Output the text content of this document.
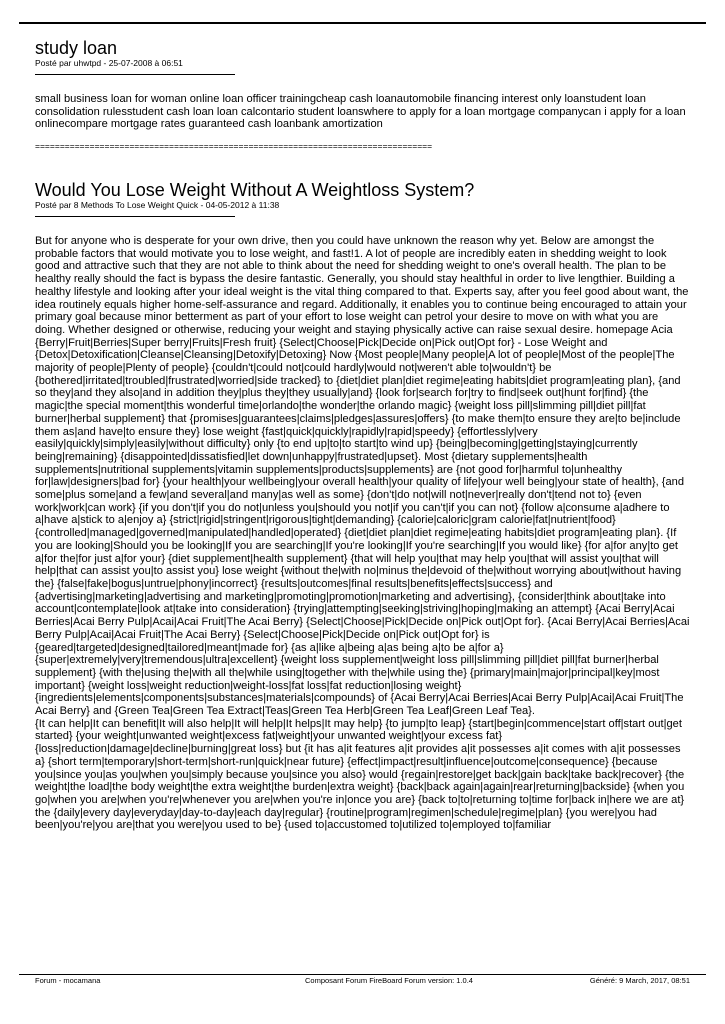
study loan
Posté par uhwtpd - 25-07-2008 à 06:51

small business loan for woman online loan officer trainingcheap cash loanautomobile financing interest only loanstudent loan consolidation rulesstudent cash loan loan calcontario student loanswhere to apply for a loan mortgage companycan i apply for a loan onlinecompare mortgage rates guaranteed cash loanbank amortization

================================================================================
Would You Lose Weight Without A Weightloss System?
Posté par 8 Methods To Lose Weight Quick - 04-05-2012 à 11:38

But for anyone who is desperate for your own drive, then you could have unknown the reason why yet. Below are amongst the probable factors that would motivate you to lose weight, and fast!1. A lot of people are incredibly eaten in shedding weight to look good and attractive such that they are not able to think about the need for shedding weight to one's overall health. The plan to be healthy really should the fact is bypass the desire fantastic. Generally, you should stay healthful in order to live lengthier. Building a healthy lifestyle and looking after your ideal weight is the vital thing compared to that. Experts say, after you feel good about want, the idea routinely equals higher home-self-assurance and regard. Additionally, it enables you to continue being encouraged to attain your primary goal because minor betterment as part of your effort to lose weight can petrol your desire to move on with what you are doing. Whether designed or otherwise, reducing your weight and staying physically active can raise sexual desire. homepage Acia {Berry|Fruit|Berries|Super berry|Fruits|Fresh fruit} {Select|Choose|Pick|Decide on|Pick out|Opt for} - Lose Weight and {Detox|Detoxification|Cleanse|Cleansing|Detoxify|Detoxing} Now {Most people|Many people|A lot of people|Most of the people|The majority of people|Plenty of people} {couldn't|could not|could hardly|would not|weren't able to|wouldn't} be {bothered|irritated|troubled|frustrated|worried|side tracked} to {diet|diet plan|diet regime|eating habits|diet program|eating plan}, {and so they|and they also|and in addition they|plus they|they usually|and} {look for|search for|try to find|seek out|hunt for|find} {the magic|the special moment|this wonderful time|orlando|the wonder|the orlando magic} {weight loss pill|slimming pill|diet pill|fat burner|herbal supplement} that {promises|guarantees|claims|pledges|assures|offers} {to make them|to ensure they are|to be|include them as|and have|to ensure they} lose weight {fast|quick|quickly|rapidly|rapid|speedy} {effortlessly|very easily|quickly|simply|easily|without difficulty} only {to end up|to|to start|to wind up} {being|becoming|getting|staying|currently being|remaining} {disappointed|dissatisfied|let down|unhappy|frustrated|upset}. Most {dietary supplements|health supplements|nutritional supplements|vitamin supplements|products|supplements} are {not good for|harmful to|unhealthy for|law|designers|bad for} {your health|your wellbeing|your overall health|your quality of life|your well being|your state of health}, {and some|plus some|and a few|and several|and many|as well as some} {don't|do not|will not|never|really don't|tend not to} {even work|work|can work} {if you don't|if you do not|unless you|should you not|if you can't|if you can not} {follow a|consume a|adhere to a|have a|stick to a|enjoy a} {strict|rigid|stringent|rigorous|tight|demanding} {calorie|caloric|gram calorie|fat|nutrient|food} {controlled|managed|governed|manipulated|handled|operated} {diet|diet plan|diet regime|eating habits|diet program|eating plan}. {If you are looking|Should you be looking|If you are searching|If you're looking|If you're searching|If you would like} {for a|for any|to get a|for the|for just a|for your} {diet supplement|health supplement} {that will help you|that may help you|that will assist you|that will help|that can assist you|to assist you} lose weight {without the|with no|minus the|devoid of the|without worrying about|without having the} {false|fake|bogus|untrue|phony|incorrect} {results|outcomes|final results|benefits|effects|success} and {advertising|marketing|advertising and marketing|promoting|promotion|marketing and advertising}, {consider|think about|take into account|contemplate|look at|take into consideration} {trying|attempting|seeking|striving|hoping|making an attempt} {Acai Berry|Acai Berries|Acai Berry Pulp|Acai|Acai Fruit|The Acai Berry} {Select|Choose|Pick|Decide on|Pick out|Opt for}. {Acai Berry|Acai Berries|Acai Berry Pulp|Acai|Acai Fruit|The Acai Berry} {Select|Choose|Pick|Decide on|Pick out|Opt for} is {geared|targeted|designed|tailored|meant|made for} {as a|like a|being a|as being a|to be a|for a} {super|extremely|very|tremendous|ultra|excellent} {weight loss supplement|weight loss pill|slimming pill|diet pill|fat burner|herbal supplement} {with the|using the|with all the|while using|together with the|while using the} {primary|main|major|principal|key|most important} {weight loss|weight reduction|weight-loss|fat loss|fat reduction|losing weight} {ingredients|elements|components|substances|materials|compounds} of {Acai Berry|Acai Berries|Acai Berry Pulp|Acai|Acai Fruit|The Acai Berry} and {Green Tea|Green Tea Extract|Teas|Green Tea Herb|Green Tea Leaf|Green Leaf Tea}.
{It can help|It can benefit|It will also help|It will help|It helps|It may help} {to jump|to leap} {start|begin|commence|start off|start out|get started} {your weight|unwanted weight|excess fat|weight|your unwanted weight|your excess fat} {loss|reduction|damage|decline|burning|great loss} but {it has a|it features a|it provides a|it possesses a|it comes with a|it possesses a} {short term|temporary|short-term|short-run|quick|near future} {effect|impact|result|influence|outcome|consequence} {because you|since you|as you|when you|simply because you|since you also} would {regain|restore|get back|gain back|take back|recover} {the weight|the load|the body weight|the extra weight|the burden|extra weight} {back|back again|again|rear|returning|backside} {when you go|when you are|when you're|whenever you are|when you're in|once you are} {back to|to|returning to|time for|back in|here we are at} the {daily|every day|everyday|day-to-day|each day|regular} {routine|program|regimen|schedule|regime|plan} {you were|you had been|you're|you are|that you were|you used to be} {used to|accustomed to|utilized to|employed to|familiar

Forum - mocamana	Composant Forum FireBoard Forum version: 1.0.4	Généré: 9 March, 2017, 08:51
